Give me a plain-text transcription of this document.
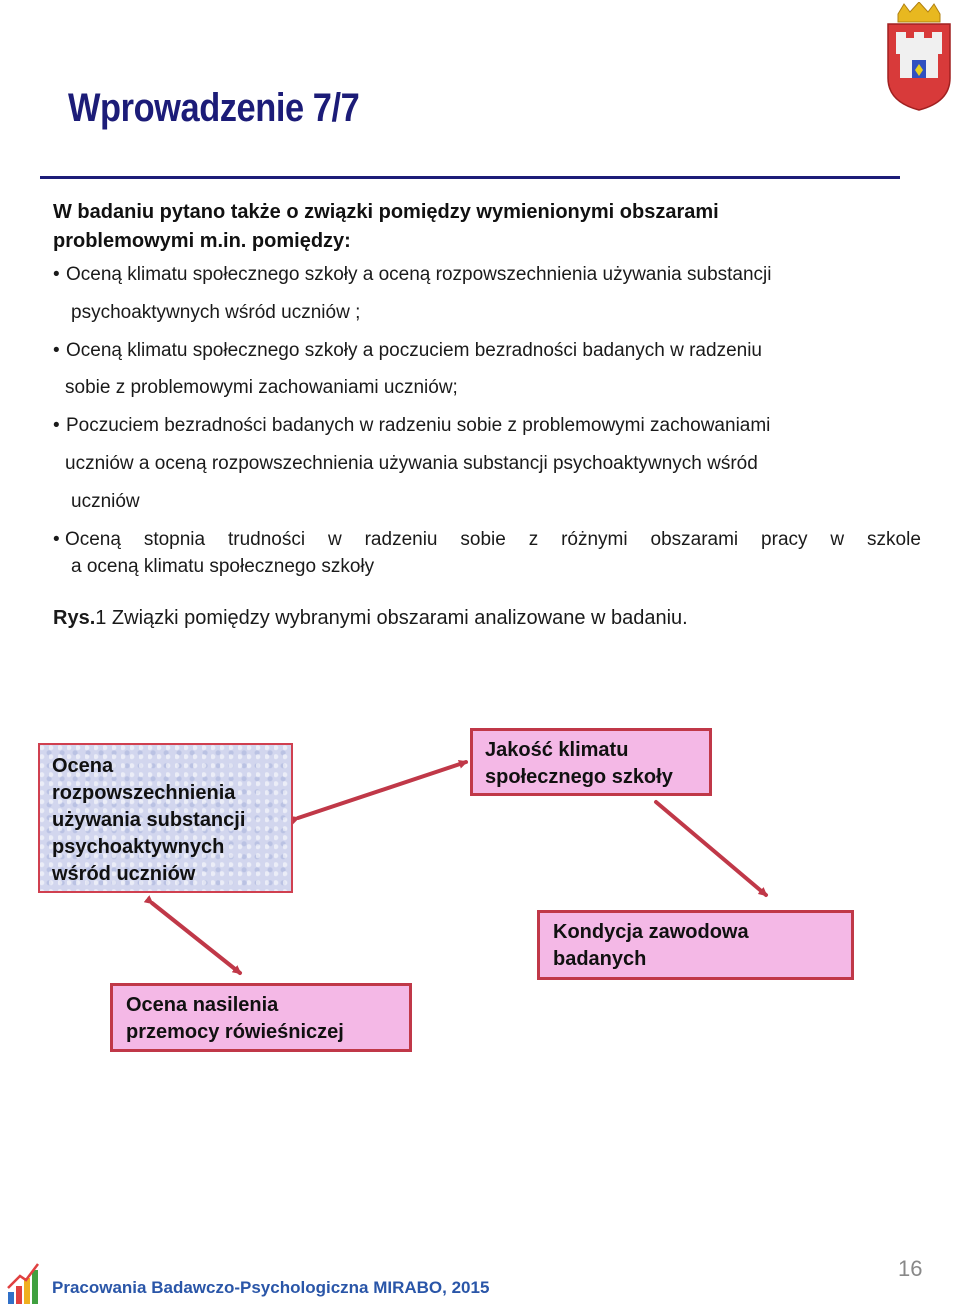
Wprowadzenie 7/7
W badaniu pytano także o związki pomiędzy wymienionymi obszarami
problemowymi m.in. pomiędzy:
• Oceną klimatu społecznego szkoły a oceną rozpowszechnienia używania substancji
psychoaktywnych wśród uczniów ;
• Oceną klimatu społecznego szkoły a poczuciem bezradności badanych w radzeniu
sobie z problemowymi zachowaniami uczniów;
• Poczuciem bezradności badanych w radzeniu sobie z problemowymi zachowaniami
uczniów a oceną rozpowszechnienia używania substancji psychoaktywnych wśród
uczniów
• Oceną stopnia trudności w radzeniu sobie z różnymi obszarami pracy w szkole
a oceną klimatu społecznego szkoły
Rys.1 Związki pomiędzy wybranymi obszarami analizowane w badaniu.
Ocena
rozpowszechnienia
używania substancji
psychoaktywnych
wśród uczniów
Jakość klimatu
społecznego szkoły
Kondycja zawodowa
badanych
Ocena nasilenia
przemocy rówieśniczej
Pracowania Badawczo-Psychologiczna MIRABO, 2015
16
